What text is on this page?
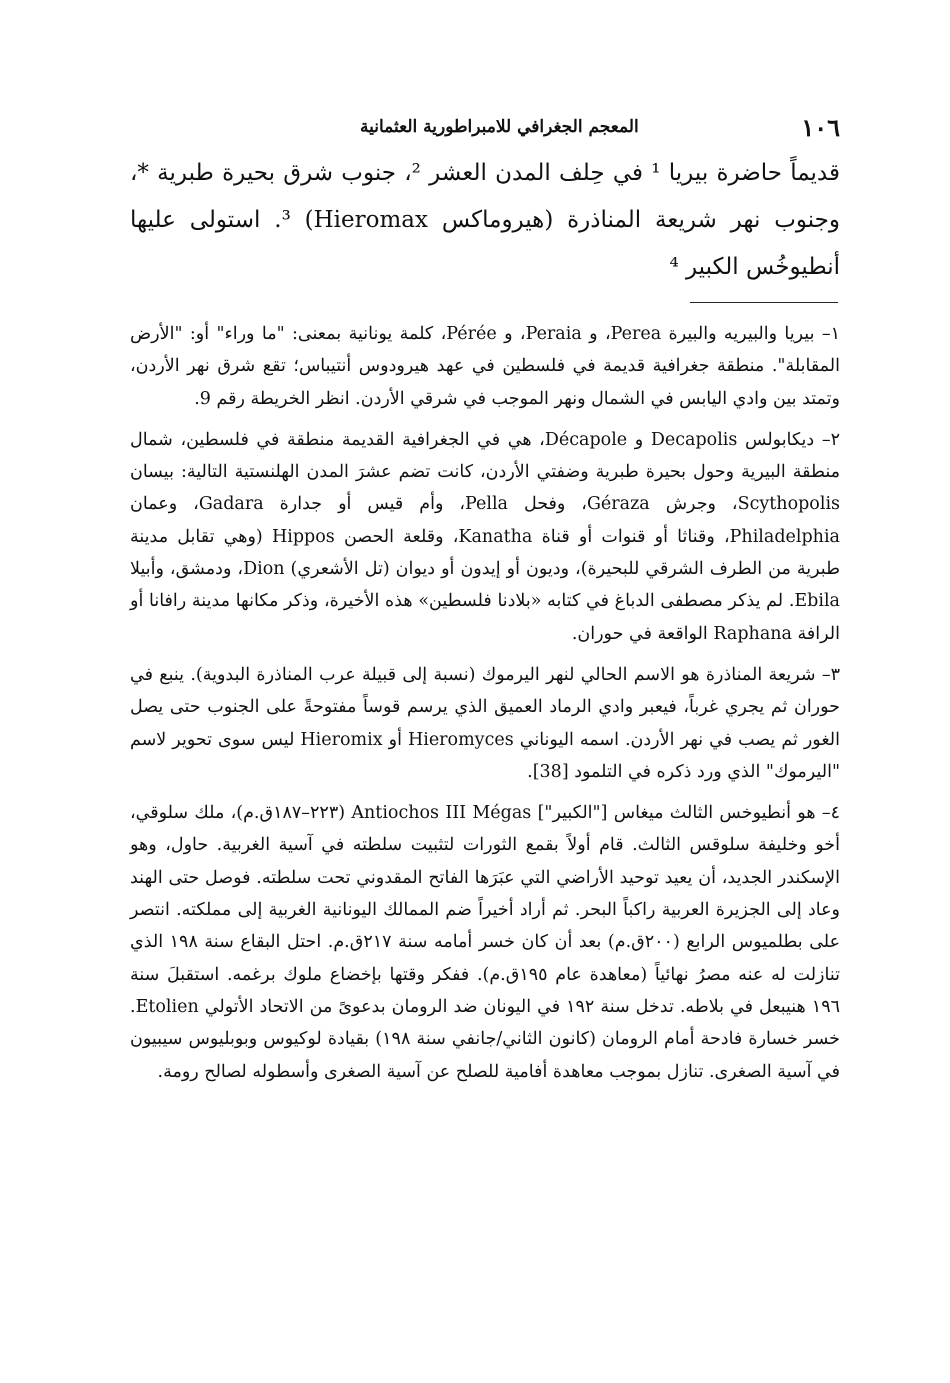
١٠٦
المعجم الجغرافي للامبراطورية العثمانية

قديماً حاضرة بيريا ¹ في حِلف المدن العشر ²، جنوب شرق بحيرة طبرية *، وجنوب نهر شريعة المناذرة (هيروماكس Hieromax) ³. استولى عليها أنطيوخُس الكبير ⁴

١– بيريا والبيريه والبيرة Perea، و Peraia، و Pérée، كلمة يونانية بمعنى: "ما وراء" أو: "الأرض المقابلة". منطقة جغرافية قديمة في فلسطين في عهد هيرودوس أنتيباس؛ تقع شرق نهر الأردن، وتمتد بين وادي اليابس في الشمال ونهر الموجب في شرقي الأردن. انظر الخريطة رقم 9.

٢– ديكابولس Decapolis و Décapole، هي في الجغرافية القديمة منطقة في فلسطين، شمال منطقة البيرية وحول بحيرة طبرية وضفتي الأردن، كانت تضم عشرَ المدن الهلنستية التالية: بيسان Scythopolis، وجرش Géraza، وفحل Pella، وأم قيس أو جدارة Gadara، وعمان Philadelphia، وقناثا أو قنوات أو قناة Kanatha، وقلعة الحصن Hippos (وهي تقابل مدينة طبرية من الطرف الشرقي للبحيرة)، وديون أو إيدون أو ديوان (تل الأشعري) Dion، ودمشق، وأبيلا Ebila. لم يذكر مصطفى الدباغ في كتابه «بلادنا فلسطين» هذه الأخيرة، وذكر مكانها مدينة رافانا أو الرافة Raphana الواقعة في حوران.

٣– شريعة المناذرة هو الاسم الحالي لنهر اليرموك (نسبة إلى قبيلة عرب المناذرة البدوية). ينبع في حوران ثم يجري غرباً، فيعبر وادي الرماد العميق الذي يرسم قوساً مفتوحةً على الجنوب حتى يصل الغور ثم يصب في نهر الأردن. اسمه اليوناني Hieromyces أو Hieromix ليس سوى تحوير لاسم "اليرموك" الذي ورد ذكره في التلمود [38].

٤– هو أنطيوخس الثالث ميغاس ["الكبير"] Antiochos III Mégas (٢٢٣–١٨٧ق.م)، ملك سلوقي، أخو وخليفة سلوقس الثالث. قام أولاً بقمع الثورات لتثبيت سلطته في آسية الغربية. حاول، وهو الإسكندر الجديد، أن يعيد توحيد الأراضي التي عبَرَها الفاتح المقدوني تحت سلطته. فوصل حتى الهند وعاد إلى الجزيرة العربية راكباً البحر. ثم أراد أخيراً ضم الممالك اليونانية الغربية إلى مملكته. انتصر على بطلميوس الرابع (٢٠٠ق.م) بعد أن كان خسر أمامه سنة ٢١٧ق.م. احتل البقاع سنة ١٩٨ الذي تنازلت له عنه مصرُ نهائياً (معاهدة عام ١٩٥ق.م). ففكر وقتها بإخضاع ملوك برغمه. استقبلَ سنة ١٩٦ هنيبعل في بلاطه. تدخل سنة ١٩٢ في اليونان ضد الرومان بدعوىً من الاتحاد الأتولي Etolien. خسر خسارة فادحة أمام الرومان (كانون الثاني/جانفي سنة ١٩٨) بقيادة لوكيوس وبوبليوس سيبيون في آسية الصغرى. تنازل بموجب معاهدة أفامية للصلح عن آسية الصغرى وأسطوله لصالح رومة.
